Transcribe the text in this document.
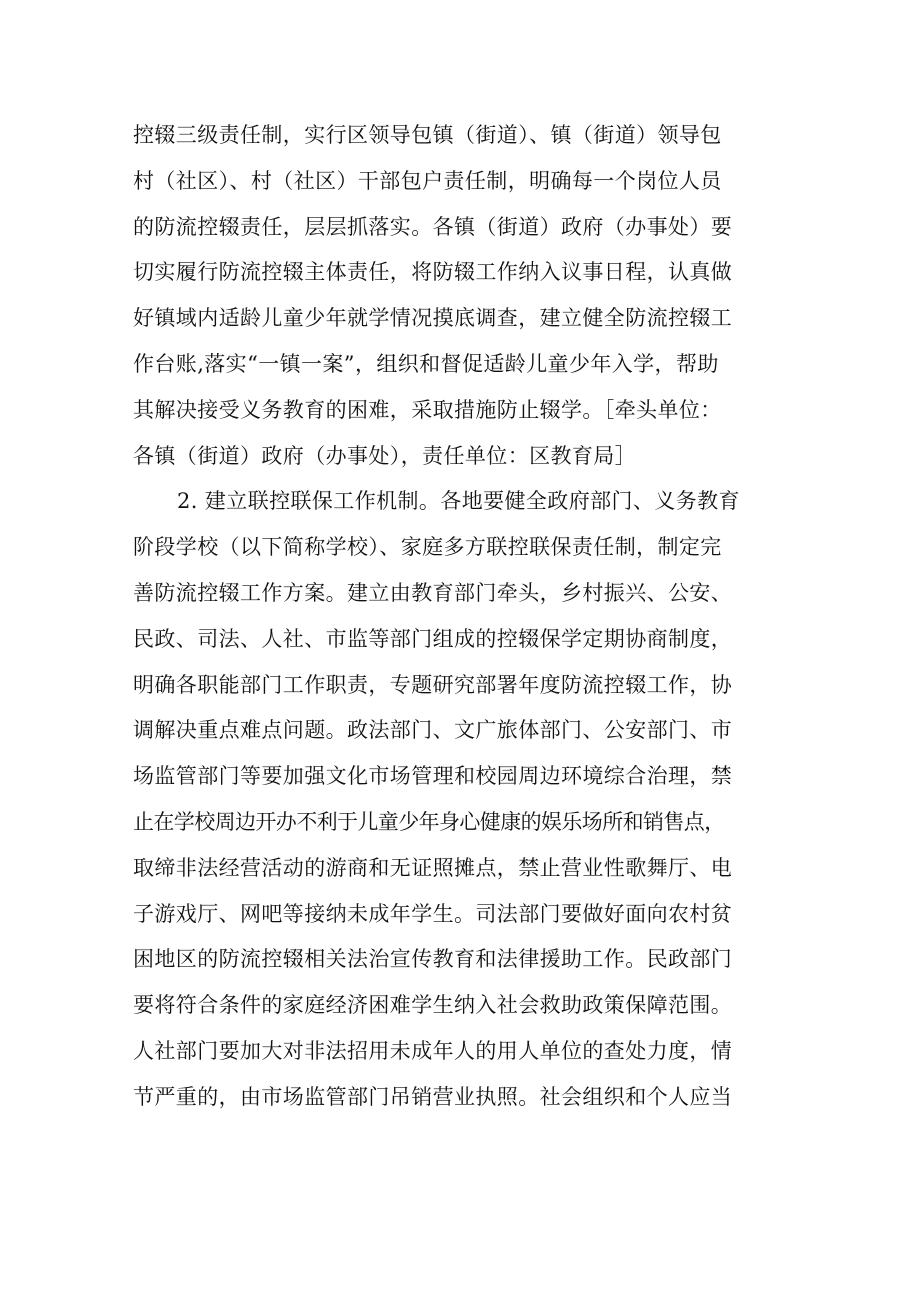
控辍三级责任制，实行区领导包镇（街道）、镇（街道）领导包
村（社区）、村（社区）干部包户责任制，明确每一个岗位人员
的防流控辍责任，层层抓落实。各镇（街道）政府（办事处）要
切实履行防流控辍主体责任，将防辍工作纳入议事日程，认真做
好镇域内适龄儿童少年就学情况摸底调查，建立健全防流控辍工
作台账,落实“一镇一案”，组织和督促适龄儿童少年入学，帮助
其解决接受义务教育的困难，采取措施防止辍学。［牵头单位：
各镇（街道）政府（办事处），责任单位：区教育局］
2. 建立联控联保工作机制。各地要健全政府部门、义务教育
阶段学校（以下简称学校）、家庭多方联控联保责任制，制定完
善防流控辍工作方案。建立由教育部门牵头，乡村振兴、公安、
民政、司法、人社、市监等部门组成的控辍保学定期协商制度，
明确各职能部门工作职责，专题研究部署年度防流控辍工作，协
调解决重点难点问题。政法部门、文广旅体部门、公安部门、市
场监管部门等要加强文化市场管理和校园周边环境综合治理，禁
止在学校周边开办不利于儿童少年身心健康的娱乐场所和销售点，
取缔非法经营活动的游商和无证照摊点，禁止营业性歌舞厅、电
子游戏厅、网吧等接纳未成年学生。司法部门要做好面向农村贫
困地区的防流控辍相关法治宣传教育和法律援助工作。民政部门
要将符合条件的家庭经济困难学生纳入社会救助政策保障范围。
人社部门要加大对非法招用未成年人的用人单位的查处力度，情
节严重的，由市场监管部门吊销营业执照。社会组织和个人应当
